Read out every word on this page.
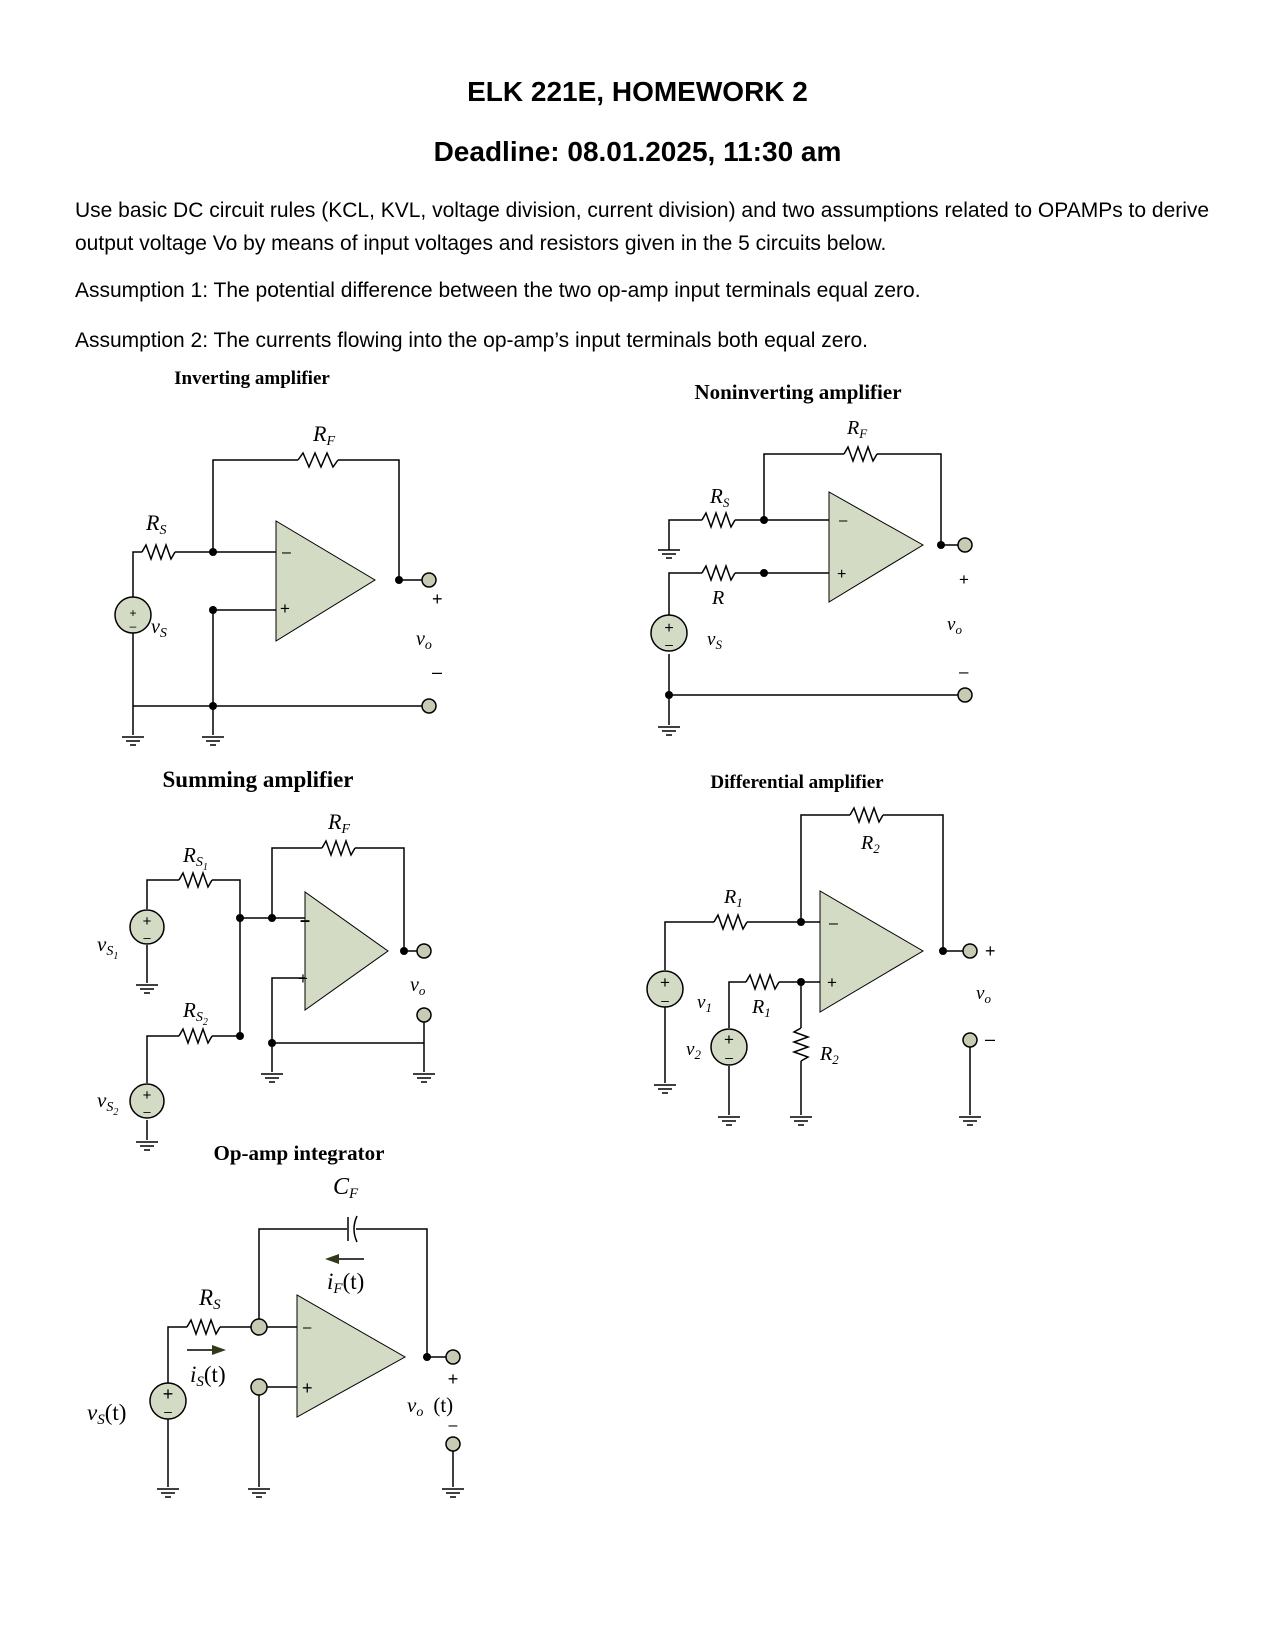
ELK 221E, HOMEWORK 2
Deadline: 08.01.2025, 11:30 am
Use basic DC circuit rules (KCL, KVL, voltage division, current division) and two assumptions related to OPAMPs to derive output voltage Vo by means of input voltages and resistors given in the 5 circuits below.
Assumption 1: The potential difference between the two op-amp input terminals equal zero.
Assumption 2: The currents flowing into the op-amp’s input terminals both equal zero.
Inverting amplifier
RF
RS
$v_S$	$v_o$
+
–
–
+
+
–
Noninverting amplifier
$R_F$
RS
R
$v_S$
$v_o$
+
–
–
+
+
–
Summing amplifier
RF
RS1
RS2
vS1
vS2
$v_o$
–
+
+
–
+
–
Differential amplifier
$R_2$
$R_1$
$R_1$
$R_2$
$v_1$
$v_2$
$v_o$
+
–
–
+
+
–
+
–
Op-amp integrator
CF
iF(t)
RS
iS(t)
vS(t)	vo (t)
+
–
–
+
+
–
